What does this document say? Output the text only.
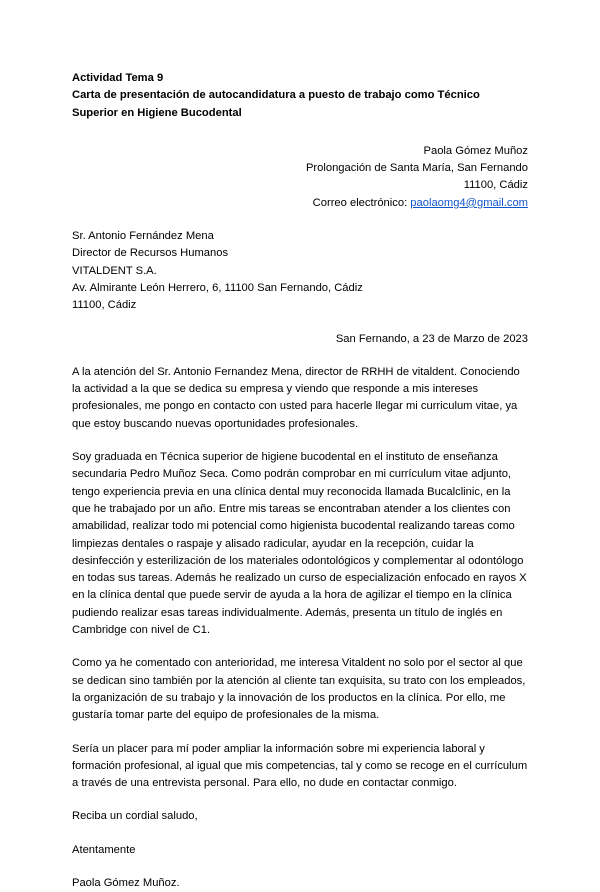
Actividad Tema 9
Carta de presentación de autocandidatura a puesto de trabajo como Técnico Superior en Higiene Bucodental
Paola Gómez Muñoz
Prolongación de Santa María, San Fernando
11100, Cádiz
Correo electrónico: paolaomg4@gmail.com
Sr. Antonio Fernández Mena
Director de Recursos Humanos
VITALDENT S.A.
Av. Almirante León Herrero, 6, 11100 San Fernando, Cádiz
11100, Cádiz
San Fernando, a 23 de Marzo de 2023

A la atención del Sr. Antonio Fernandez Mena, director de RRHH de vitaldent. Conociendo la actividad a la que se dedica su empresa y viendo que responde a mis intereses profesionales, me pongo en contacto con usted para hacerle llegar mi curriculum vitae, ya que estoy buscando nuevas oportunidades profesionales.

Soy graduada en Técnica superior de higiene bucodental en el instituto de enseñanza secundaria Pedro Muñoz Seca. Como podrán comprobar en mi currículum vitae adjunto, tengo experiencia previa en una clínica dental muy reconocida llamada Bucalclinic, en la que he trabajado por un año. Entre mis tareas se encontraban atender a los clientes con amabilidad, realizar todo mi potencial como higienista bucodental realizando tareas como limpiezas dentales o raspaje y alisado radicular, ayudar en la recepción, cuidar la desinfección y esterilización de los materiales odontológicos y complementar al odontólogo en todas sus tareas. Además he realizado un curso de especialización enfocado en rayos X en la clínica dental que puede servir de ayuda a la hora de agilizar el tiempo en la clínica pudiendo realizar esas tareas individualmente. Además, presenta un título de inglés en Cambridge con nivel de C1.

Como ya he comentado con anterioridad, me interesa Vitaldent no solo por el sector al que se dedican sino también por la atención al cliente tan exquisita, su trato con los empleados, la organización de su trabajo y la innovación de los productos en la clínica. Por ello, me gustaría tomar parte del equipo de profesionales de la misma.

Sería un placer para mí poder ampliar la información sobre mi experiencia laboral y formación profesional, al igual que mis competencias, tal y como se recoge en el currículum a través de una entrevista personal. Para ello, no dude en contactar conmigo.

Reciba un cordial saludo,

Atentamente

Paola Gómez Muñoz.
